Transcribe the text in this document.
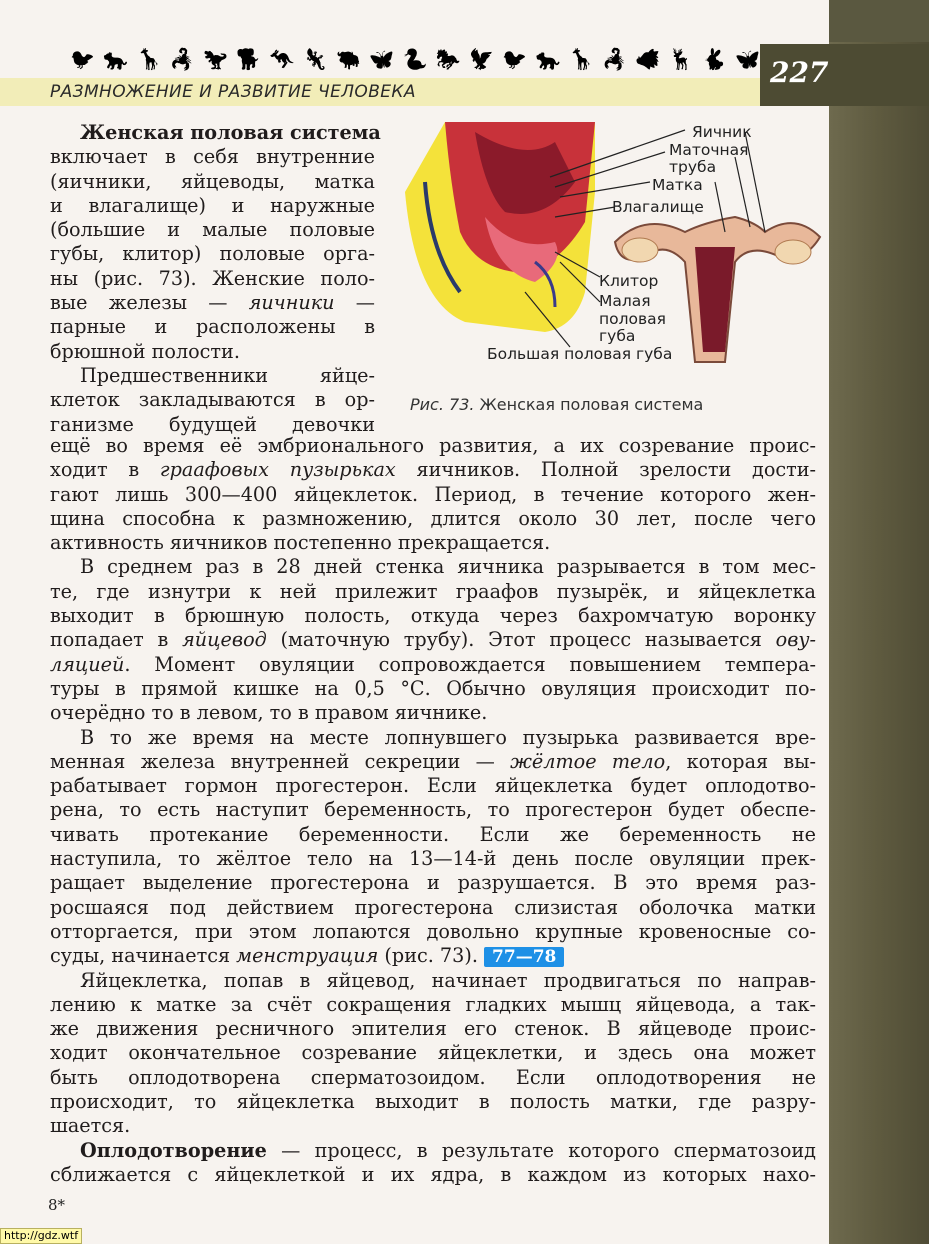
🐦 🐆 🦒 🦂 🦖 🐕 🦘 🦎 🐃 🦋 🐍 🐎 🦅 🐦 🐆 🦒 🦂 🐗 🦌 🐇 🦋 227
РАЗМНОЖЕНИЕ И РАЗВИТИЕ ЧЕЛОВЕКА
Яичник
Маточная
труба
Матка
Влагалище
Клитор
Малая
половая
губа
Большая половая губа
Рис. 73. Женская половая система
Женская половая система
включает в себя внутренние
(яичники, яйцеводы, матка
и влагалище) и наружные
(большие и малые половые
губы, клитор) половые орга-
ны (рис. 73). Женские поло-
вые железы — яичники —
парные и расположены в
брюшной полости.
Предшественники яйце-
клеток закладываются в ор-
ганизме будущей девочки
ещё во время её эмбрионального развития, а их созревание проис-
ходит в граафовых пузырьках яичников. Полной зрелости дости-
гают лишь 300—400 яйцеклеток. Период, в течение которого жен-
щина способна к размножению, длится около 30 лет, после чего
активность яичников постепенно прекращается.
В среднем раз в 28 дней стенка яичника разрывается в том мес-
те, где изнутри к ней прилежит граафов пузырёк, и яйцеклетка
выходит в брюшную полость, откуда через бахромчатую воронку
попадает в яйцевод (маточную трубу). Этот процесс называется ову-
ляцией. Момент овуляции сопровождается повышением темпера-
туры в прямой кишке на 0,5 °С. Обычно овуляция происходит по-
очерёдно то в левом, то в правом яичнике.
В то же время на месте лопнувшего пузырька развивается вре-
менная железа внутренней секреции — жёлтое тело, которая вы-
рабатывает гормон прогестерон. Если яйцеклетка будет оплодотво-
рена, то есть наступит беременность, то прогестерон будет обеспе-
чивать протекание беременности. Если же беременность не
наступила, то жёлтое тело на 13—14-й день после овуляции прек-
ращает выделение прогестерона и разрушается. В это время раз-
росшаяся под действием прогестерона слизистая оболочка матки
отторгается, при этом лопаются довольно крупные кровеносные со-
суды, начинается менструация (рис. 73). 77—78
Яйцеклетка, попав в яйцевод, начинает продвигаться по направ-
лению к матке за счёт сокращения гладких мышц яйцевода, а так-
же движения ресничного эпителия его стенок. В яйцеводе проис-
ходит окончательное созревание яйцеклетки, и здесь она может
быть оплодотворена сперматозоидом. Если оплодотворения не
происходит, то яйцеклетка выходит в полость матки, где разру-
шается.
Оплодотворение — процесс, в результате которого сперматозоид
сближается с яйцеклеткой и их ядра, в каждом из которых нахо-
8*
http://gdz.wtf
